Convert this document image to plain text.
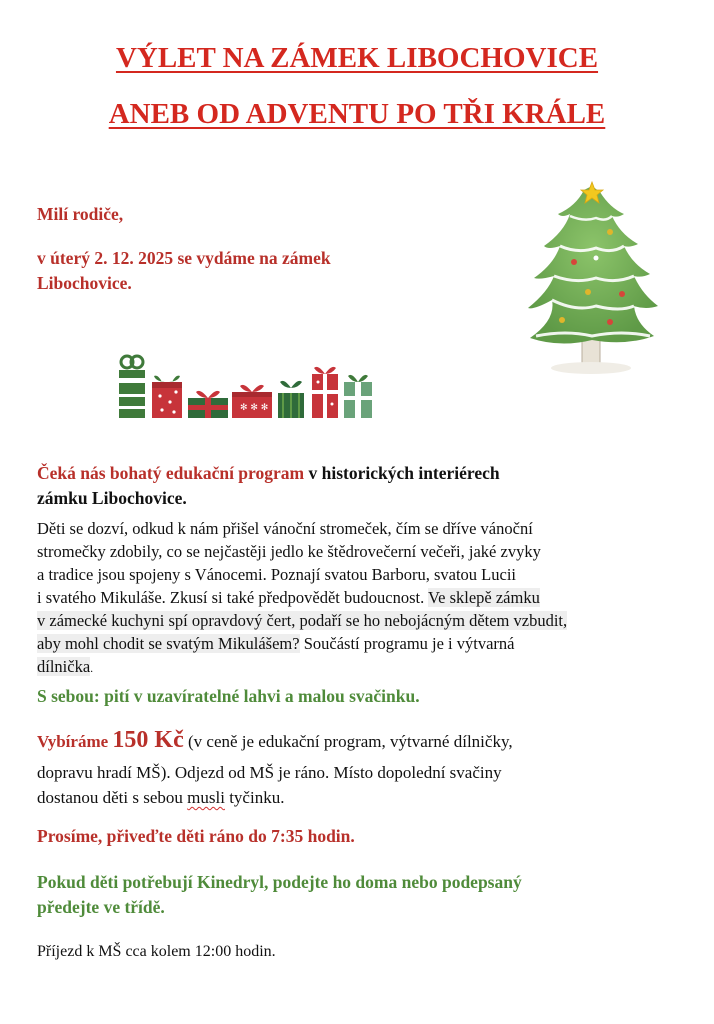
VÝLET NA ZÁMEK LIBOCHOVICE
ANEB OD ADVENTU PO TŘI KRÁLE
Milí rodiče,
v úterý 2. 12. 2025 se vydáme na zámek
Libochovice.
✻ ✻ ✻
Čeká nás bohatý edukační program v historických interiérech
zámku Libochovice.
Děti se dozví, odkud k nám přišel vánoční stromeček, čím se dříve vánoční
stromečky zdobily, co se nejčastěji jedlo ke štědrovečerní večeři, jaké zvyky
a tradice jsou spojeny s Vánocemi. Poznají svatou Barboru, svatou Lucii
i svatého Mikuláše. Zkusí si také předpovědět budoucnost. Ve sklepě zámku
v zámecké kuchyni spí opravdový čert, podaří se ho nebojácným dětem vzbudit,
aby mohl chodit se svatým Mikulášem? Součástí programu je i výtvarná
dílnička.
S sebou: pití v uzavíratelné lahvi a malou svačinku.
Vybíráme 150 Kč (v ceně je edukační program, výtvarné dílničky,
dopravu hradí MŠ). Odjezd od MŠ je ráno. Místo dopolední svačiny
dostanou děti s sebou musli tyčinku.
Prosíme, přiveďte děti ráno do 7:35 hodin.
Pokud děti potřebují Kinedryl, podejte ho doma nebo podepsaný
předejte ve třídě.
Příjezd k MŠ cca kolem 12:00 hodin.
